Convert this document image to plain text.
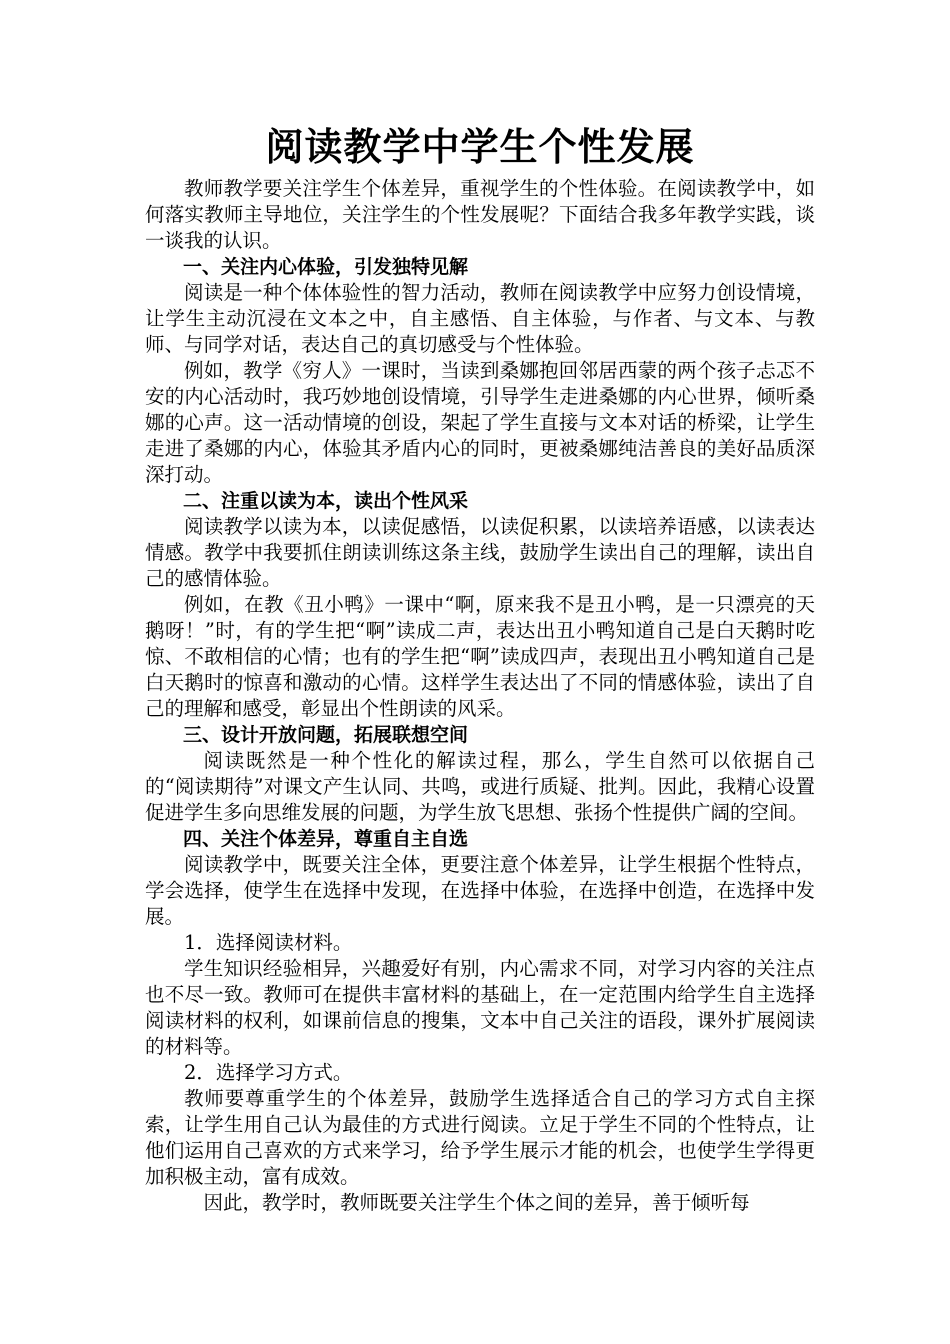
阅读教学中学生个性发展

教师教学要关注学生个体差异，重视学生的个性体验。在阅读教学中，如何落实教师主导地位，关注学生的个性发展呢？下面结合我多年教学实践，谈一谈我的认识。

一、关注内心体验，引发独特见解

阅读是一种个体体验性的智力活动，教师在阅读教学中应努力创设情境，让学生主动沉浸在文本之中，自主感悟、自主体验，与作者、与文本、与教师、与同学对话，表达自己的真切感受与个性体验。

例如，教学《穷人》一课时，当读到桑娜抱回邻居西蒙的两个孩子忐忑不安的内心活动时，我巧妙地创设情境，引导学生走进桑娜的内心世界，倾听桑娜的心声。这一活动情境的创设，架起了学生直接与文本对话的桥梁，让学生走进了桑娜的内心，体验其矛盾内心的同时，更被桑娜纯洁善良的美好品质深深打动。

二、注重以读为本，读出个性风采

阅读教学以读为本，以读促感悟，以读促积累，以读培养语感，以读表达情感。教学中我要抓住朗读训练这条主线，鼓励学生读出自己的理解，读出自己的感情体验。

例如，在教《丑小鸭》一课中“啊，原来我不是丑小鸭，是一只漂亮的天鹅呀！”时，有的学生把“啊”读成二声，表达出丑小鸭知道自己是白天鹅时吃惊、不敢相信的心情；也有的学生把“啊”读成四声，表现出丑小鸭知道自己是白天鹅时的惊喜和激动的心情。这样学生表达出了不同的情感体验，读出了自己的理解和感受，彰显出个性朗读的风采。

三、设计开放问题，拓展联想空间

阅读既然是一种个性化的解读过程，那么，学生自然可以依据自己的“阅读期待”对课文产生认同、共鸣，或进行质疑、批判。因此，我精心设置促进学生多向思维发展的问题，为学生放飞思想、张扬个性提供广阔的空间。

四、关注个体差异，尊重自主自选

阅读教学中，既要关注全体，更要注意个体差异，让学生根据个性特点，学会选择，使学生在选择中发现，在选择中体验，在选择中创造，在选择中发展。

1．选择阅读材料。

学生知识经验相异，兴趣爱好有别，内心需求不同，对学习内容的关注点也不尽一致。教师可在提供丰富材料的基础上，在一定范围内给学生自主选择阅读材料的权利，如课前信息的搜集，文本中自己关注的语段，课外扩展阅读的材料等。

2．选择学习方式。

教师要尊重学生的个体差异，鼓励学生选择适合自己的学习方式自主探索，让学生用自己认为最佳的方式进行阅读。立足于学生不同的个性特点，让他们运用自己喜欢的方式来学习，给予学生展示才能的机会，也使学生学得更加积极主动，富有成效。

因此，教学时，教师既要关注学生个体之间的差异，善于倾听每
